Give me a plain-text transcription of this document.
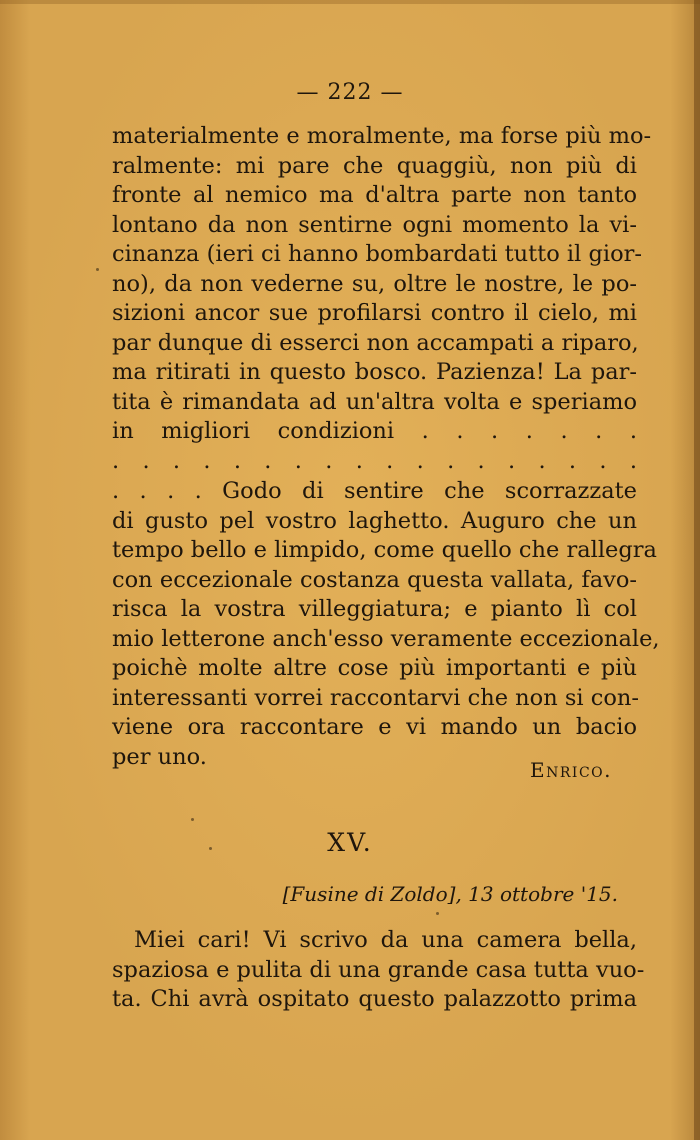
— 222 —
materialmente e moralmente, ma forse più mo-
ralmente: mi pare che quaggiù, non più di
fronte al nemico ma d'altra parte non tanto
lontano da non sentirne ogni momento la vi-
cinanza (ieri ci hanno bombardati tutto il gior-
no), da non vederne su, oltre le nostre, le po-
sizioni ancor sue profilarsi contro il cielo, mi
par dunque di esserci non accampati a riparo,
ma ritirati in questo bosco. Pazienza! La par-
tita è rimandata ad un'altra volta e speriamo
in migliori condizioni . . . . . . .
. . . . . . . . . . . . . . . . . .
. . . . Godo di sentire che scorrazzate
di gusto pel vostro laghetto. Auguro che un
tempo bello e limpido, come quello che rallegra
con eccezionale costanza questa vallata, favo-
risca la vostra villeggiatura; e pianto lì col
mio letterone anch'esso veramente eccezionale,
poichè molte altre cose più importanti e più
interessanti vorrei raccontarvi che non si con-
viene ora raccontare e vi mando un bacio
per uno.
Enrico.
XV.
[Fusine di Zoldo], 13 ottobre '15.
Miei cari! Vi scrivo da una camera bella,
spaziosa e pulita di una grande casa tutta vuo-
ta. Chi avrà ospitato questo palazzotto prima
